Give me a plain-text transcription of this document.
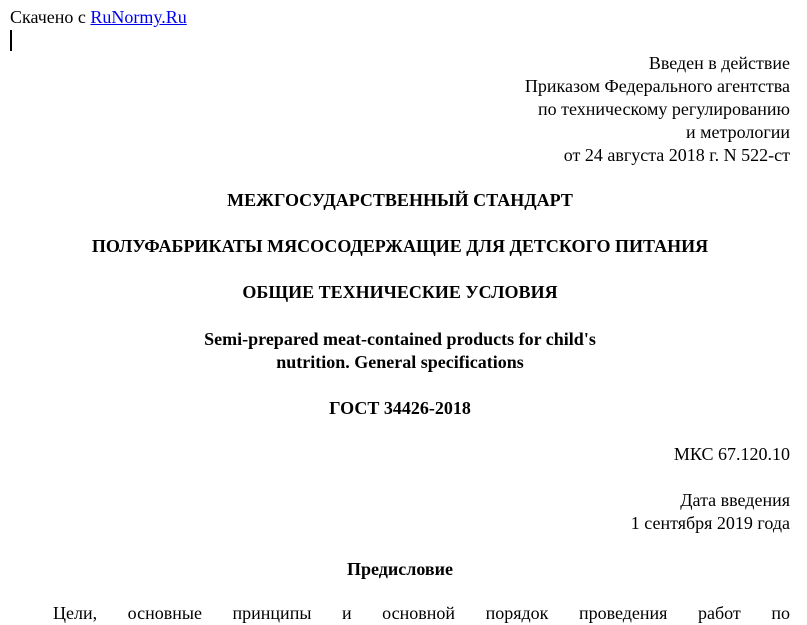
Скачено с RuNormy.Ru
Введен в действие
Приказом Федерального агентства
по техническому регулированию
и метрологии
от 24 августа 2018 г. N 522-ст
МЕЖГОСУДАРСТВЕННЫЙ СТАНДАРТ
ПОЛУФАБРИКАТЫ МЯСОСОДЕРЖАЩИЕ ДЛЯ ДЕТСКОГО ПИТАНИЯ
ОБЩИЕ ТЕХНИЧЕСКИЕ УСЛОВИЯ
Semi-prepared meat-contained products for child's
nutrition. General specifications
ГОСТ 34426-2018
МКС 67.120.10
Дата введения
1 сентября 2019 года
Предисловие
Цели, основные принципы и основной порядок проведения работ по
